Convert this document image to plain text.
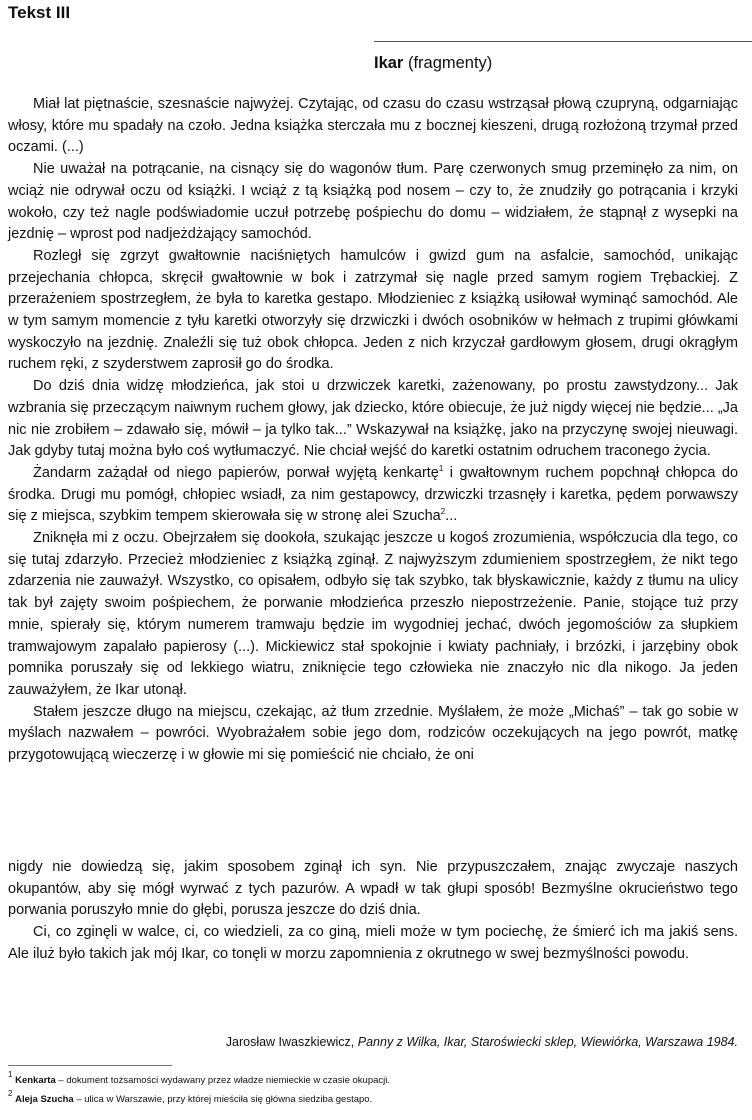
Tekst III
Ikar (fragmenty)

Miał lat piętnaście, szesnaście najwyżej. Czytając, od czasu do czasu wstrząsał płową czupryną, odgarniając włosy, które mu spadały na czoło. Jedna książka sterczała mu z bocznej kieszeni, drugą rozłożoną trzymał przed oczami. (...)

Nie uważał na potrącanie, na cisnący się do wagonów tłum. Parę czerwonych smug przeminęło za nim, on wciąż nie odrywał oczu od książki. I wciąż z tą książką pod nosem – czy to, że znudziły go potrącania i krzyki wokoło, czy też nagle podświadomie uczuł potrzebę pośpiechu do domu – widziałem, że stąpnął z wysepki na jezdnię – wprost pod nadjeżdżający samochód.

Rozległ się zgrzyt gwałtownie naciśniętych hamulców i gwizd gum na asfalcie, samochód, unikając przejechania chłopca, skręcił gwałtownie w bok i zatrzymał się nagle przed samym rogiem Trębackiej. Z przerażeniem spostrzegłem, że była to karetka gestapo. Młodzieniec z książką usiłował wyminąć samochód. Ale w tym samym momencie z tyłu karetki otworzyły się drzwiczki i dwóch osobników w hełmach z trupimi główkami wyskoczyło na jezdnię. Znaleźli się tuż obok chłopca. Jeden z nich krzyczał gardłowym głosem, drugi okrągłym ruchem ręki, z szyderstwem zaprosił go do środka.

Do dziś dnia widzę młodzieńca, jak stoi u drzwiczek karetki, zażenowany, po prostu zawstydzony... Jak wzbrania się przeczącym naiwnym ruchem głowy, jak dziecko, które obiecuje, że już nigdy więcej nie będzie... „Ja nic nie zrobiłem – zdawało się, mówił – ja tylko tak...” Wskazywał na książkę, jako na przyczynę swojej nieuwagi. Jak gdyby tutaj można było coś wytłumaczyć. Nie chciał wejść do karetki ostatnim odruchem traconego życia.

Żandarm zażądał od niego papierów, porwał wyjętą kenkartę$^1$ i gwałtownym ruchem popchnął chłopca do środka. Drugi mu pomógł, chłopiec wsiadł, za nim gestapowcy, drzwiczki trzasnęły i karetka, pędem porwawszy się z miejsca, szybkim tempem skierowała się w stronę alei Szucha$^2$...

Zniknęła mi z oczu. Obejrzałem się dookoła, szukając jeszcze u kogoś zrozumienia, współczucia dla tego, co się tutaj zdarzyło. Przecież młodzieniec z książką zginął. Z najwyższym zdumieniem spostrzegłem, że nikt tego zdarzenia nie zauważył. Wszystko, co opisałem, odbyło się tak szybko, tak błyskawicznie, każdy z tłumu na ulicy tak był zajęty swoim pośpiechem, że porwanie młodzieńca przeszło niepostrzeżenie. Panie, stojące tuż przy mnie, spierały się, którym numerem tramwaju będzie im wygodniej jechać, dwóch jegomościów za słupkiem tramwajowym zapalało papierosy (...). Mickiewicz stał spokojnie i kwiaty pachniały, i brzózki, i jarzębiny obok pomnika poruszały się od lekkiego wiatru, zniknięcie tego człowieka nie znaczyło nic dla nikogo. Ja jeden zauważyłem, że Ikar utonął.

Stałem jeszcze długo na miejscu, czekając, aż tłum zrzednie. Myślałem, że może „Michaś” – tak go sobie w myślach nazwałem – powróci. Wyobrażałem sobie jego dom, rodziców oczekujących na jego powrót, matkę przygotowującą wieczerzę i w głowie mi się pomieścić nie chciało, że oni

nigdy nie dowiedzą się, jakim sposobem zginął ich syn. Nie przypuszczałem, znając zwyczaje naszych okupantów, aby się mógł wyrwać z tych pazurów. A wpadł w tak głupi sposób! Bezmyślne okrucieństwo tego porwania poruszyło mnie do głębi, porusza jeszcze do dziś dnia.

Ci, co zginęli w walce, ci, co wiedzieli, za co giną, mieli może w tym pociechę, że śmierć ich ma jakiś sens. Ale iluż było takich jak mój Ikar, co tonęli w morzu zapomnienia z okrutnego w swej bezmyślności powodu.

Jarosław Iwaszkiewicz, Panny z Wilka, Ikar, Staroświecki sklep, Wiewiórka, Warszawa 1984.
$^1$ Kenkarta – dokument tożsamości wydawany przez władze niemieckie w czasie okupacji.
$^2$ Aleja Szucha – ulica w Warszawie, przy której mieściła się główna siedziba gestapo.
